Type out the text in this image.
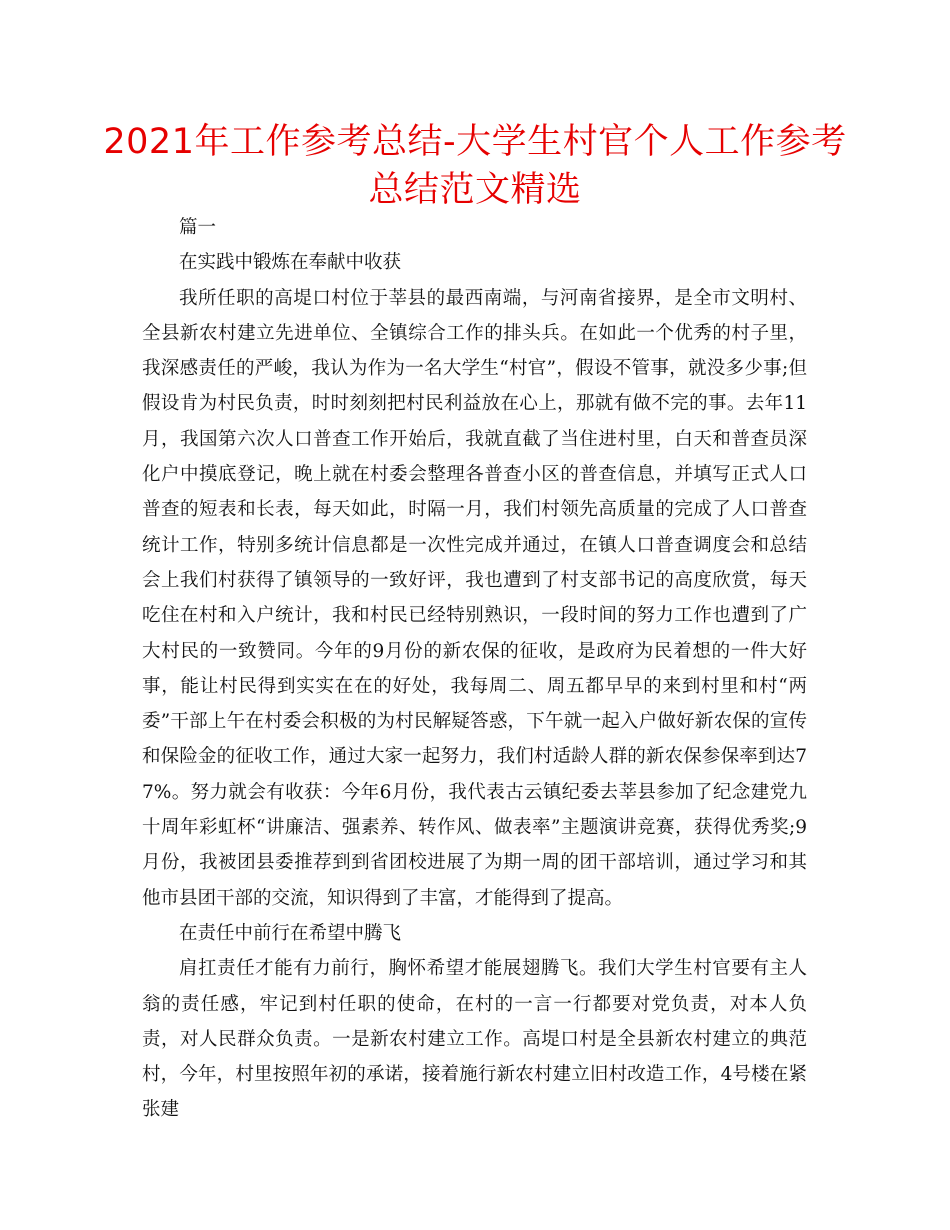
2021年工作参考总结-大学生村官个人工作参考总结范文精选

篇一

在实践中锻炼在奉献中收获

我所任职的高堤口村位于莘县的最西南端，与河南省接界，是全市文明村、全县新农村建立先进单位、全镇综合工作的排头兵。在如此一个优秀的村子里，我深感责任的严峻，我认为作为一名大学生“村官”，假设不管事，就没多少事;但假设肯为村民负责，时时刻刻把村民利益放在心上，那就有做不完的事。去年11月，我国第六次人口普查工作开始后，我就直截了当住进村里，白天和普查员深化户中摸底登记，晚上就在村委会整理各普查小区的普查信息，并填写正式人口普查的短表和长表，每天如此，时隔一月，我们村领先高质量的完成了人口普查统计工作，特别多统计信息都是一次性完成并通过，在镇人口普查调度会和总结会上我们村获得了镇领导的一致好评，我也遭到了村支部书记的高度欣赏，每天吃住在村和入户统计，我和村民已经特别熟识，一段时间的努力工作也遭到了广大村民的一致赞同。今年的9月份的新农保的征收，是政府为民着想的一件大好事，能让村民得到实实在在的好处，我每周二、周五都早早的来到村里和村“两委”干部上午在村委会积极的为村民解疑答惑，下午就一起入户做好新农保的宣传和保险金的征收工作，通过大家一起努力，我们村适龄人群的新农保参保率到达77%。努力就会有收获：今年6月份，我代表古云镇纪委去莘县参加了纪念建党九十周年彩虹杯“讲廉洁、强素养、转作风、做表率”主题演讲竞赛，获得优秀奖;9月份，我被团县委推荐到到省团校进展了为期一周的团干部培训，通过学习和其他市县团干部的交流，知识得到了丰富，才能得到了提高。

在责任中前行在希望中腾飞

肩扛责任才能有力前行，胸怀希望才能展翅腾飞。我们大学生村官要有主人翁的责任感，牢记到村任职的使命，在村的一言一行都要对党负责，对本人负责，对人民群众负责。一是新农村建立工作。高堤口村是全县新农村建立的典范村，今年，村里按照年初的承诺，接着施行新农村建立旧村改造工作，4号楼在紧张建
